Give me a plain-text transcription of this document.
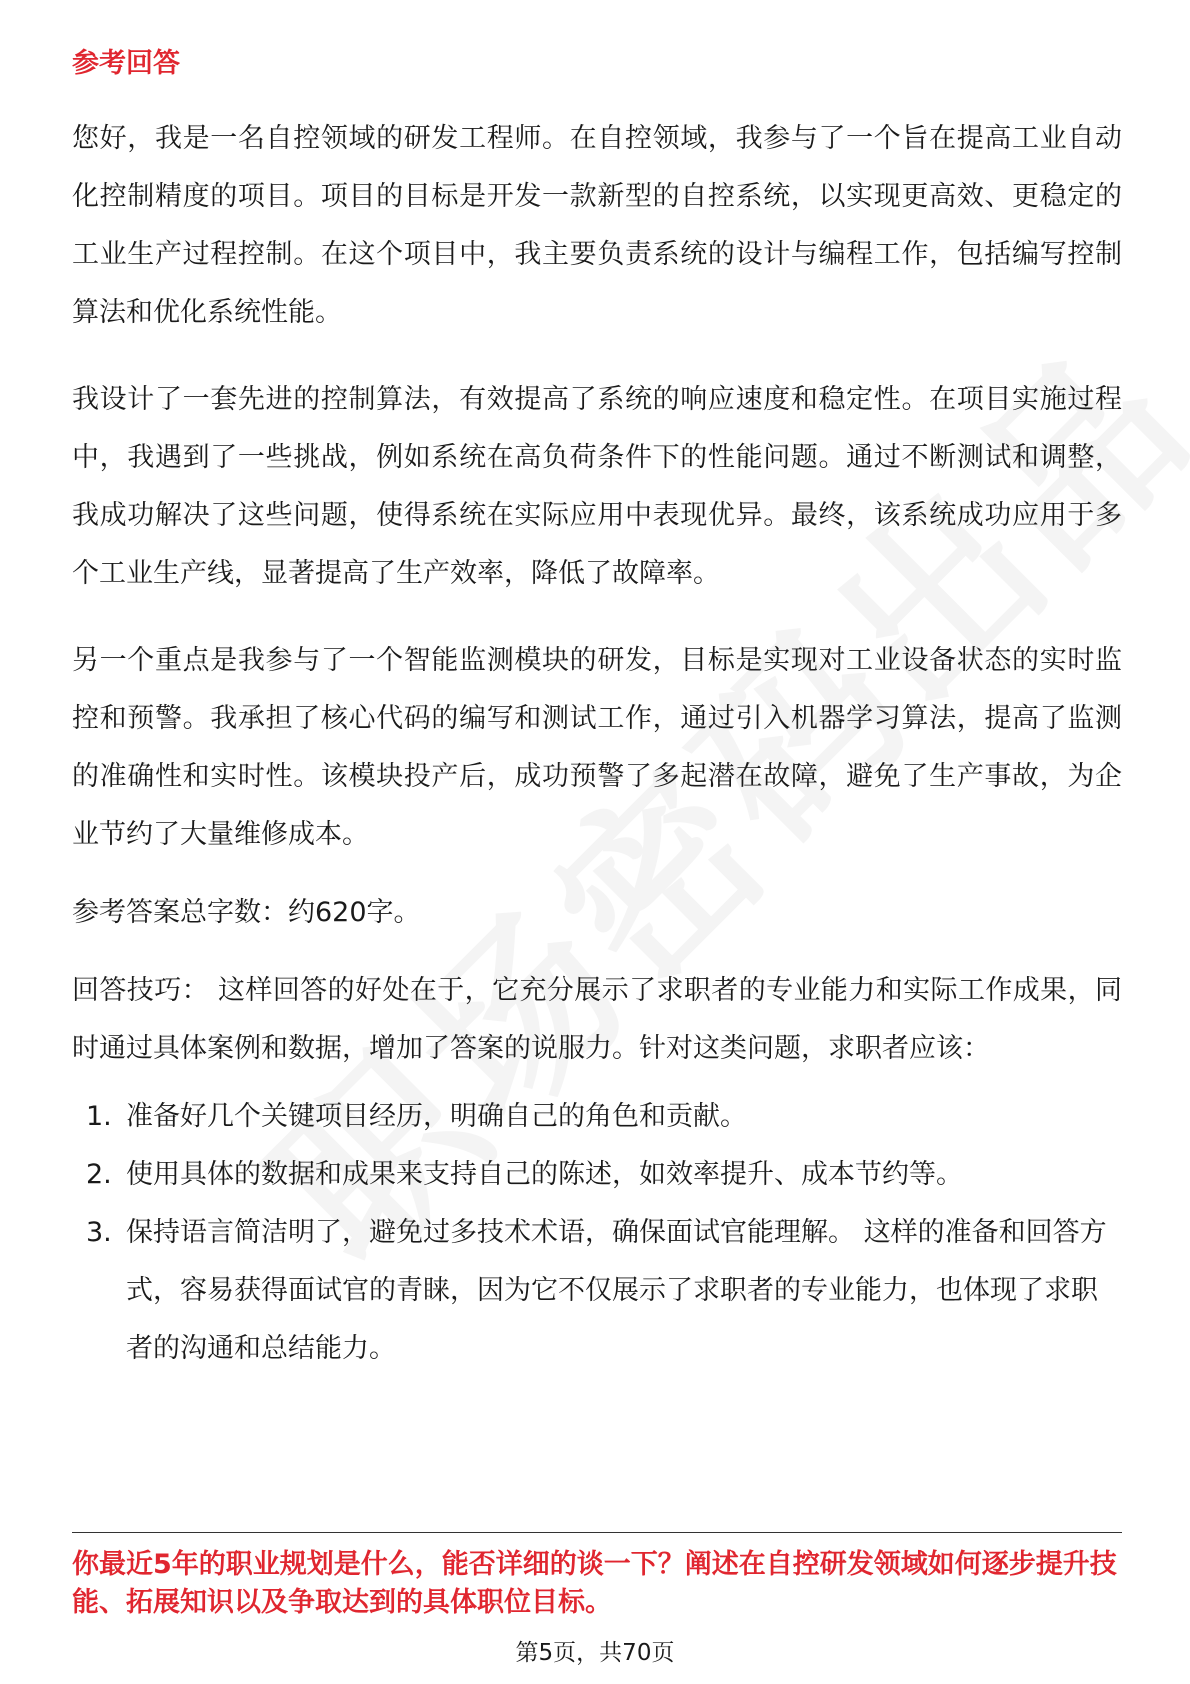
参考回答

您好，我是一名自控领域的研发工程师。在自控领域，我参与了一个旨在提高工业自动化控制精度的项目。项目的目标是开发一款新型的自控系统，以实现更高效、更稳定的工业生产过程控制。在这个项目中，我主要负责系统的设计与编程工作，包括编写控制算法和优化系统性能。

我设计了一套先进的控制算法，有效提高了系统的响应速度和稳定性。在项目实施过程中，我遇到了一些挑战，例如系统在高负荷条件下的性能问题。通过不断测试和调整，我成功解决了这些问题，使得系统在实际应用中表现优异。最终，该系统成功应用于多个工业生产线，显著提高了生产效率，降低了故障率。

另一个重点是我参与了一个智能监测模块的研发，目标是实现对工业设备状态的实时监控和预警。我承担了核心代码的编写和测试工作，通过引入机器学习算法，提高了监测的准确性和实时性。该模块投产后，成功预警了多起潜在故障，避免了生产事故，为企业节约了大量维修成本。

参考答案总字数：约620字。

回答技巧： 这样回答的好处在于，它充分展示了求职者的专业能力和实际工作成果，同时通过具体案例和数据，增加了答案的说服力。针对这类问题，求职者应该：

1. 准备好几个关键项目经历，明确自己的角色和贡献。
2. 使用具体的数据和成果来支持自己的陈述，如效率提升、成本节约等。
3. 保持语言简洁明了，避免过多技术术语，确保面试官能理解。 这样的准备和回答方式，容易获得面试官的青睐，因为它不仅展示了求职者的专业能力，也体现了求职者的沟通和总结能力。
你最近5年的职业规划是什么，能否详细的谈一下？阐述在自控研发领域如何逐步提升技能、拓展知识以及争取达到的具体职位目标。
第5页，共70页
